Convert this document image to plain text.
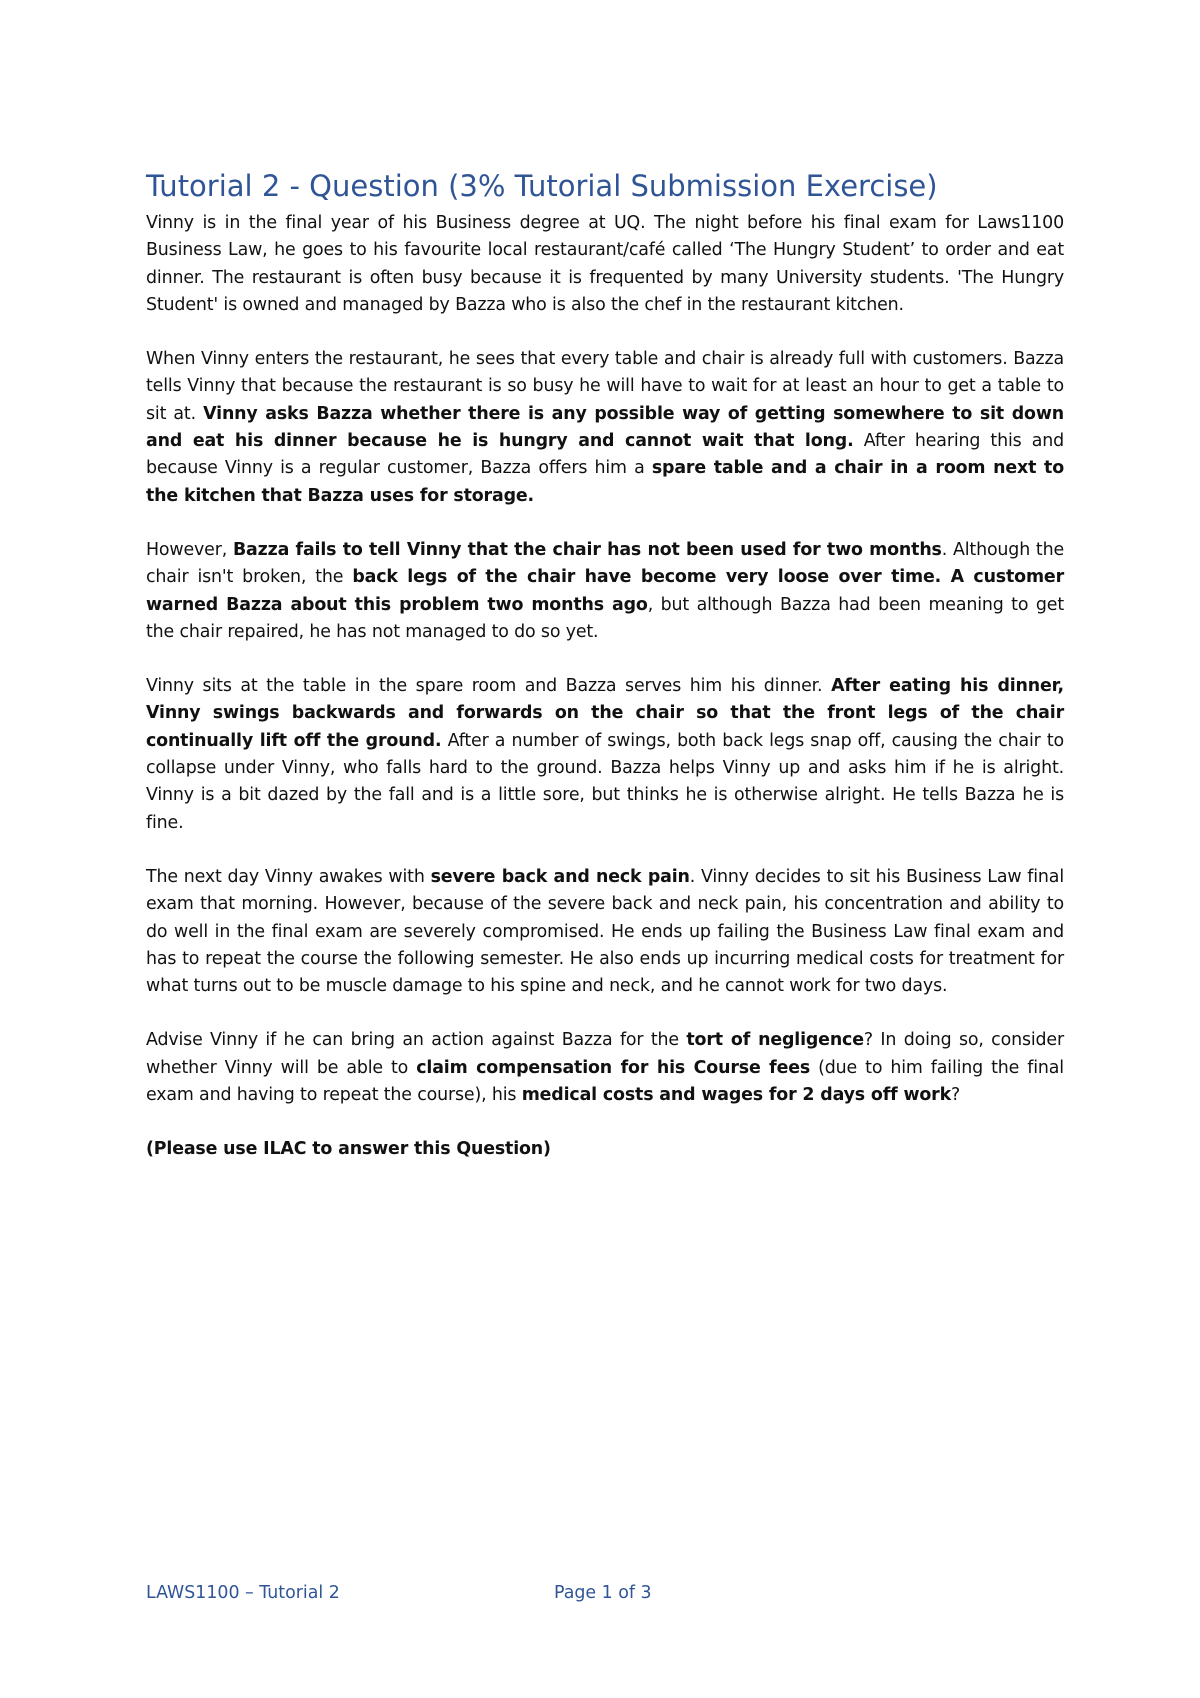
Tutorial 2 - Question (3% Tutorial Submission Exercise)

Vinny is in the final year of his Business degree at UQ. The night before his final exam for Laws1100 Business Law, he goes to his favourite local restaurant/café called ‘The Hungry Student’ to order and eat dinner. The restaurant is often busy because it is frequented by many University students. 'The Hungry Student' is owned and managed by Bazza who is also the chef in the restaurant kitchen.

When Vinny enters the restaurant, he sees that every table and chair is already full with customers. Bazza tells Vinny that because the restaurant is so busy he will have to wait for at least an hour to get a table to sit at. Vinny asks Bazza whether there is any possible way of getting somewhere to sit down and eat his dinner because he is hungry and cannot wait that long. After hearing this and because Vinny is a regular customer, Bazza offers him a spare table and a chair in a room next to the kitchen that Bazza uses for storage.

However, Bazza fails to tell Vinny that the chair has not been used for two months. Although the chair isn't broken, the back legs of the chair have become very loose over time. A customer warned Bazza about this problem two months ago, but although Bazza had been meaning to get the chair repaired, he has not managed to do so yet.

Vinny sits at the table in the spare room and Bazza serves him his dinner. After eating his dinner, Vinny swings backwards and forwards on the chair so that the front legs of the chair continually lift off the ground. After a number of swings, both back legs snap off, causing the chair to collapse under Vinny, who falls hard to the ground. Bazza helps Vinny up and asks him if he is alright. Vinny is a bit dazed by the fall and is a little sore, but thinks he is otherwise alright. He tells Bazza he is fine.

The next day Vinny awakes with severe back and neck pain. Vinny decides to sit his Business Law final exam that morning. However, because of the severe back and neck pain, his concentration and ability to do well in the final exam are severely compromised. He ends up failing the Business Law final exam and has to repeat the course the following semester. He also ends up incurring medical costs for treatment for what turns out to be muscle damage to his spine and neck, and he cannot work for two days.

Advise Vinny if he can bring an action against Bazza for the tort of negligence? In doing so, consider whether Vinny will be able to claim compensation for his Course fees (due to him failing the final exam and having to repeat the course), his medical costs and wages for 2 days off work?

(Please use ILAC to answer this Question)

LAWS1100 – Tutorial 2	Page 1 of 3
